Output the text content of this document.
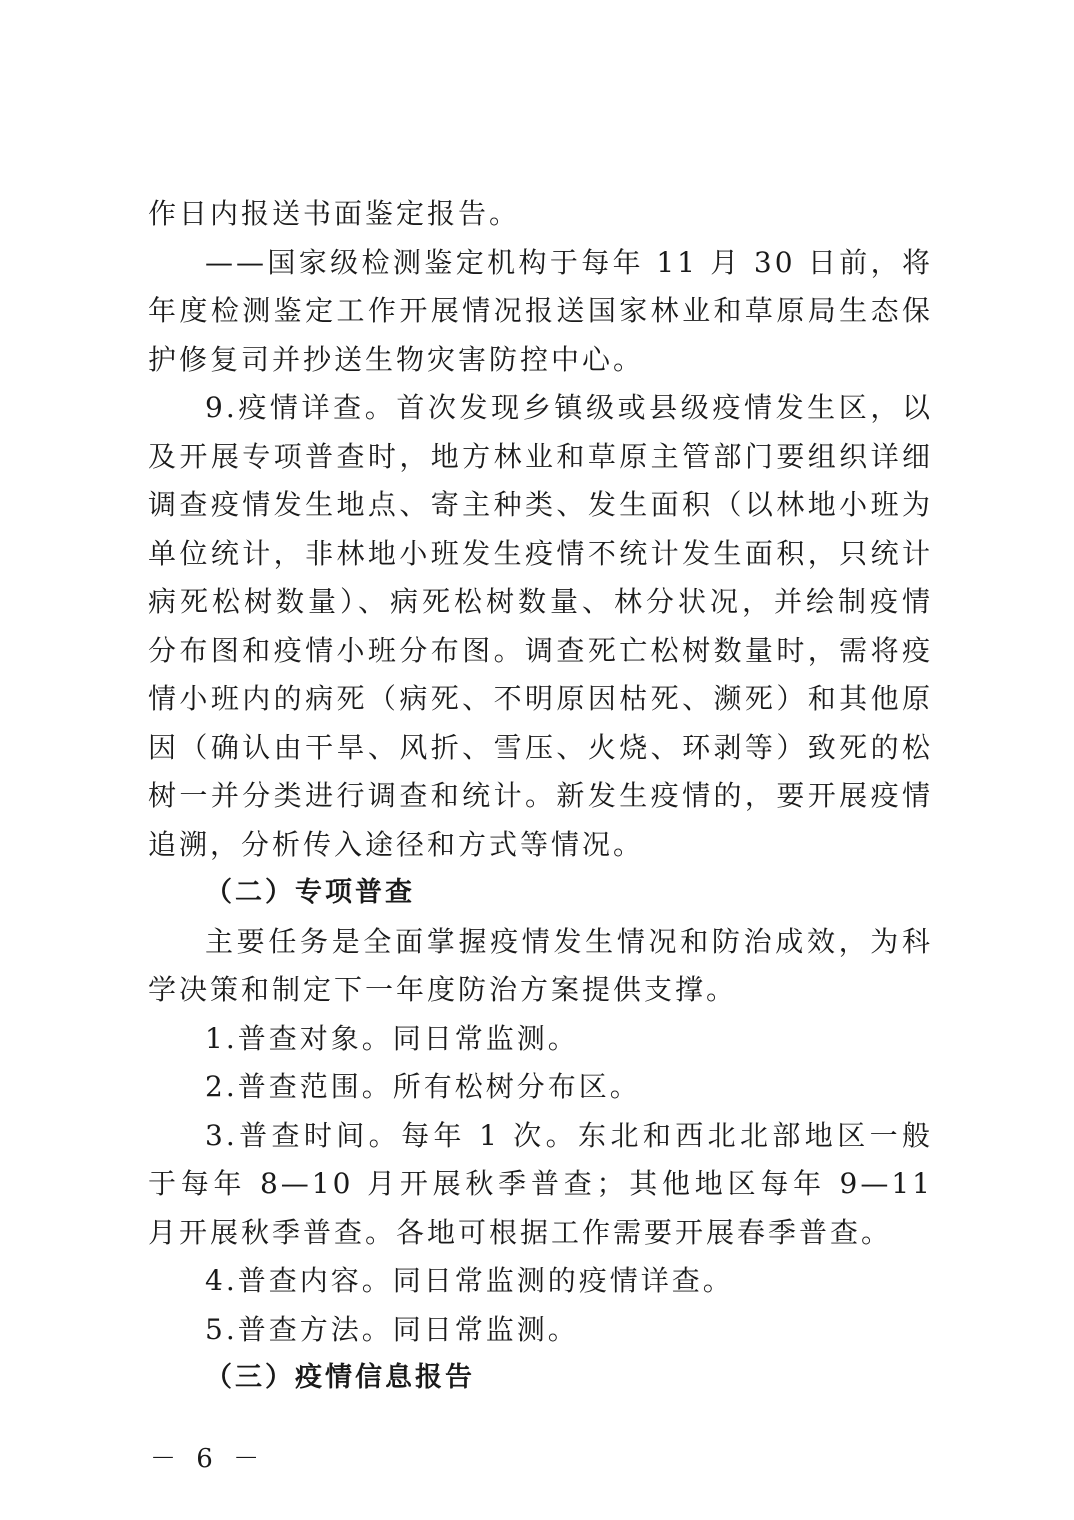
作日内报送书面鉴定报告。

——国家级检测鉴定机构于每年 11 月 30 日前，将年度检测鉴定工作开展情况报送国家林业和草原局生态保护修复司并抄送生物灾害防控中心。

9.疫情详查。首次发现乡镇级或县级疫情发生区，以及开展专项普查时，地方林业和草原主管部门要组织详细调查疫情发生地点、寄主种类、发生面积（以林地小班为单位统计，非林地小班发生疫情不统计发生面积，只统计病死松树数量）、病死松树数量、林分状况，并绘制疫情分布图和疫情小班分布图。调查死亡松树数量时，需将疫情小班内的病死（病死、不明原因枯死、濒死）和其他原因（确认由干旱、风折、雪压、火烧、环剥等）致死的松树一并分类进行调查和统计。新发生疫情的，要开展疫情追溯，分析传入途径和方式等情况。

（二）专项普查

主要任务是全面掌握疫情发生情况和防治成效，为科学决策和制定下一年度防治方案提供支撑。

1.普查对象。同日常监测。

2.普查范围。所有松树分布区。

3.普查时间。每年 1 次。东北和西北北部地区一般于每年 8—10 月开展秋季普查；其他地区每年 9—11 月开展秋季普查。各地可根据工作需要开展春季普查。

4.普查内容。同日常监测的疫情详查。

5.普查方法。同日常监测。

（三）疫情信息报告

－ 6 －
